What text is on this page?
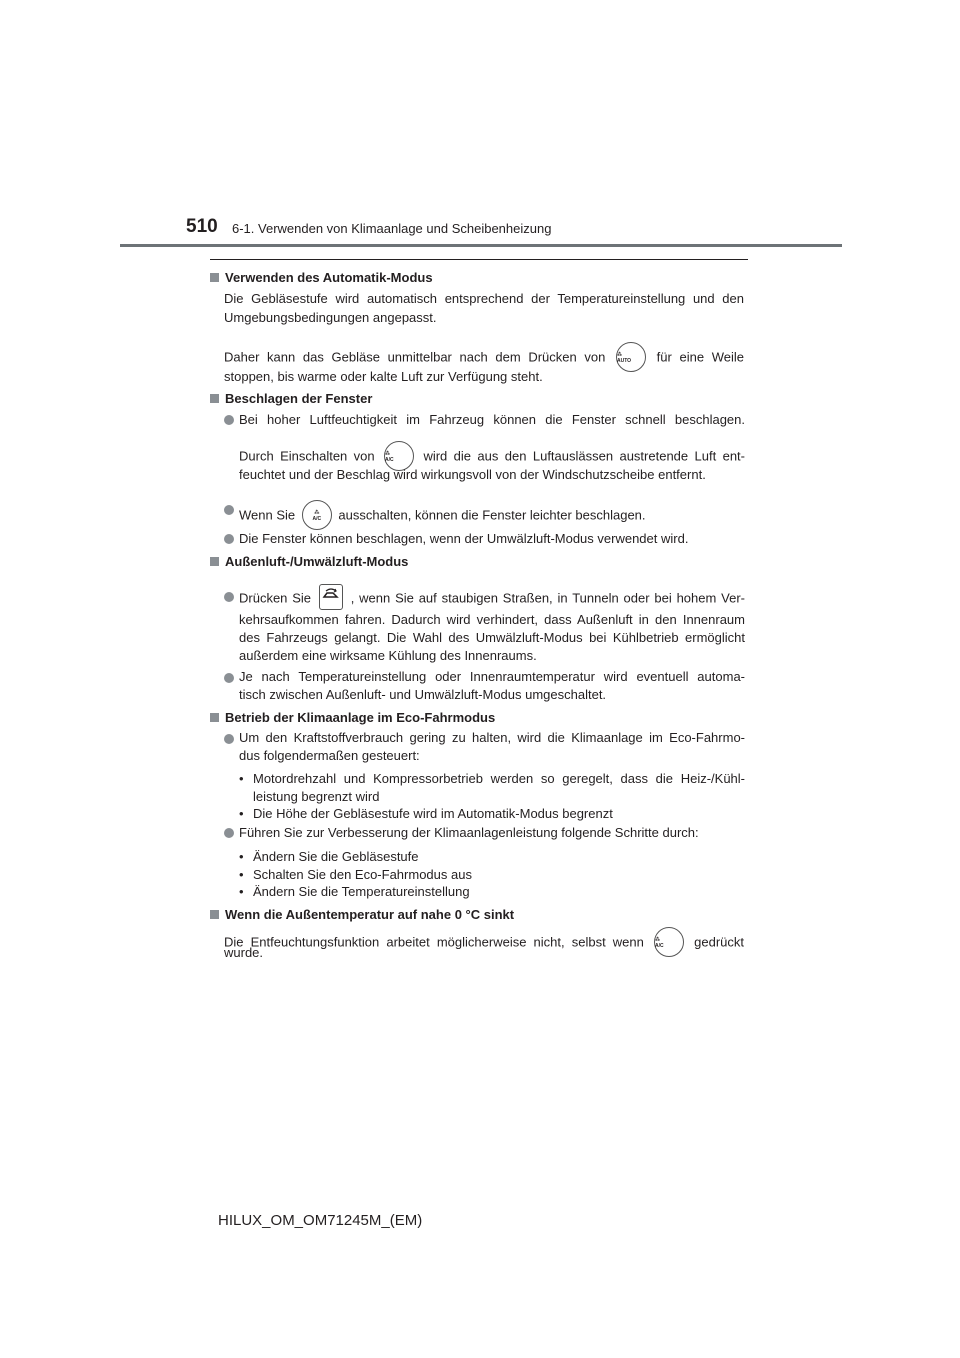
510 6-1. Verwenden von Klimaanlage und Scheibenheizung
Verwenden des Automatik-Modus
Die Gebläsestufe wird automatisch entsprechend der Temperatureinstellung und den
Umgebungsbedingungen angepasst.
Daher kann das Gebläse unmittelbar nach dem Drücken von ⁂
AUTO für eine Weile
stoppen, bis warme oder kalte Luft zur Verfügung steht.
Beschlagen der Fenster
Bei hoher Luftfeuchtigkeit im Fahrzeug können die Fenster schnell beschlagen.
Durch Einschalten von ⁂
A/C wird die aus den Luftauslässen austretende Luft ent-
feuchtet und der Beschlag wird wirkungsvoll von der Windschutzscheibe entfernt.
Wenn Sie	⁂
A/C ausschalten, können die Fenster leichter beschlagen.
Die Fenster können beschlagen, wenn der Umwälzluft-Modus verwendet wird.
Außenluft-/Umwälzluft-Modus
Drücken Sie	, wenn Sie auf staubigen Straßen, in Tunneln oder bei hohem Ver-
kehrsaufkommen fahren. Dadurch wird verhindert, dass Außenluft in den Innenraum
des Fahrzeugs gelangt. Die Wahl des Umwälzluft-Modus bei Kühlbetrieb ermöglicht
außerdem eine wirksame Kühlung des Innenraums.
Je nach Temperatureinstellung oder Innenraumtemperatur wird eventuell automa-
tisch zwischen Außenluft- und Umwälzluft-Modus umgeschaltet.
Betrieb der Klimaanlage im Eco-Fahrmodus
Um den Kraftstoffverbrauch gering zu halten, wird die Klimaanlage im Eco-Fahrmo-
dus folgendermaßen gesteuert:
• Motordrehzahl und Kompressorbetrieb werden so geregelt, dass die Heiz-/Kühl-
leistung begrenzt wird
• Die Höhe der Gebläsestufe wird im Automatik-Modus begrenzt
Führen Sie zur Verbesserung der Klimaanlagenleistung folgende Schritte durch:
• Ändern Sie die Gebläsestufe
• Schalten Sie den Eco-Fahrmodus aus
• Ändern Sie die Temperatureinstellung
Wenn die Außentemperatur auf nahe 0 °C sinkt
Die Entfeuchtungsfunktion arbeitet möglicherweise nicht, selbst wenn ⁂
A/C gedrückt
wurde.
HILUX_OM_OM71245M_(EM)
